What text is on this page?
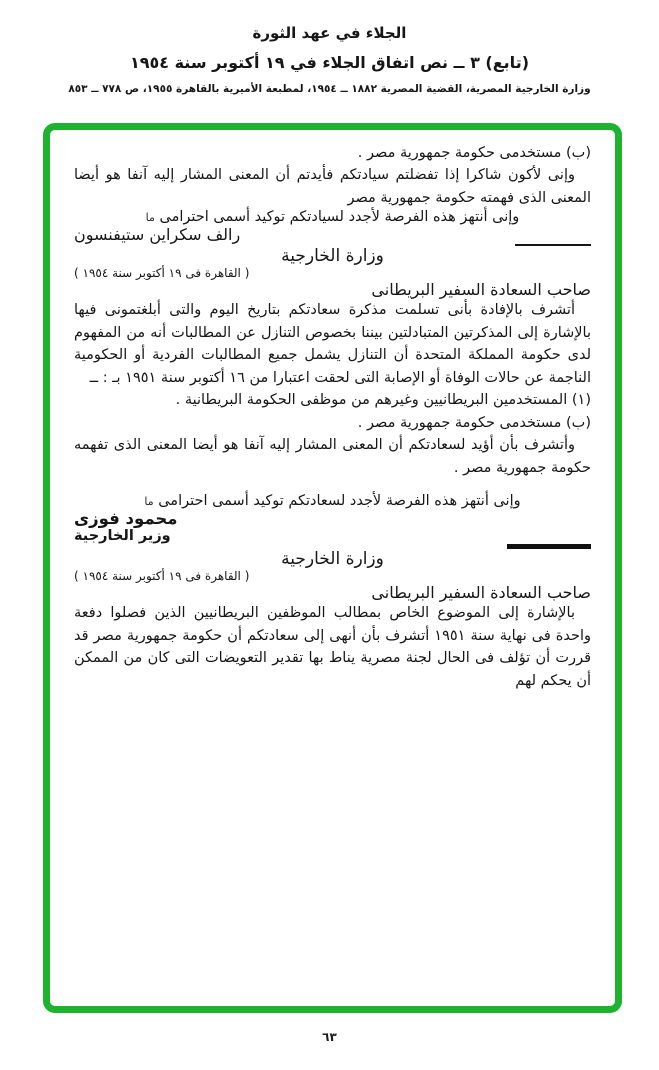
الجلاء في عهد الثورة
(تابع) ٣ ــ نص اتفاق الجلاء في ١٩ أكتوبر سنة ١٩٥٤
وزارة الخارجية المصرية، القضية المصرية ١٨٨٢ ــ ١٩٥٤، لمطبعة الأميرية بالقاهرة ١٩٥٥، ص ٧٧٨ ــ ٨٥٣
(ب) مستخدمى حكومة جمهورية مصر .

وإنى لأكون شاكرا إذا تفضلتم سيادتكم فأيدتم أن المعنى المشار إليه آنفا هو أيضا المعنى الذى فهمته حكومة جمهورية مصر

وإنى أنتهز هذه الفرصة لأجدد لسيادتكم توكيد أسمى احترامى ما
رالف سكراين ستيفنسون
وزارة الخارجية
( القاهرة فى ١٩ أكتوبر سنة ١٩٥٤ )
صاحب السعادة السفير البريطانى

أتشرف بالإفادة بأنى تسلمت مذكرة سعادتكم بتاريخ اليوم والتى أبلغتمونى فيها بالإشارة إلى المذكرتين المتبادلتين بيننا بخصوص التنازل عن المطالبات أنه من المفهوم لدى حكومة المملكة المتحدة أن التنازل يشمل جميع المطالبات الفردية أو الحكومية الناجمة عن حالات الوفاة أو الإصابة التى لحقت اعتبارا من ١٦ أكتوبر سنة ١٩٥١ بـ : ــ

(١) المستخدمين البريطانيين وغيرهم من موظفى الحكومة البريطانية .
(ب) مستخدمى حكومة جمهورية مصر .

وأتشرف بأن أؤيد لسعادتكم أن المعنى المشار إليه آنفا هو أيضا المعنى الذى تفهمه حكومة جمهورية مصر .

وإنى أنتهز هذه الفرصة لأجدد لسعادتكم توكيد أسمى احترامى ما
محمود فوزى
وزير الخارجية
وزارة الخارجية
( القاهرة فى ١٩ أكتوبر سنة ١٩٥٤ )
صاحب السعادة السفير البريطانى

بالإشارة إلى الموضوع الخاص بمطالب الموظفين البريطانيين الذين فصلوا دفعة واحدة فى نهاية سنة ١٩٥١ أتشرف بأن أنهى إلى سعادتكم أن حكومة جمهورية مصر قد قررت أن تؤلف فى الحال لجنة مصرية يناط بها تقدير التعويضات التى كان من الممكن أن يحكم لهم

٦٣
